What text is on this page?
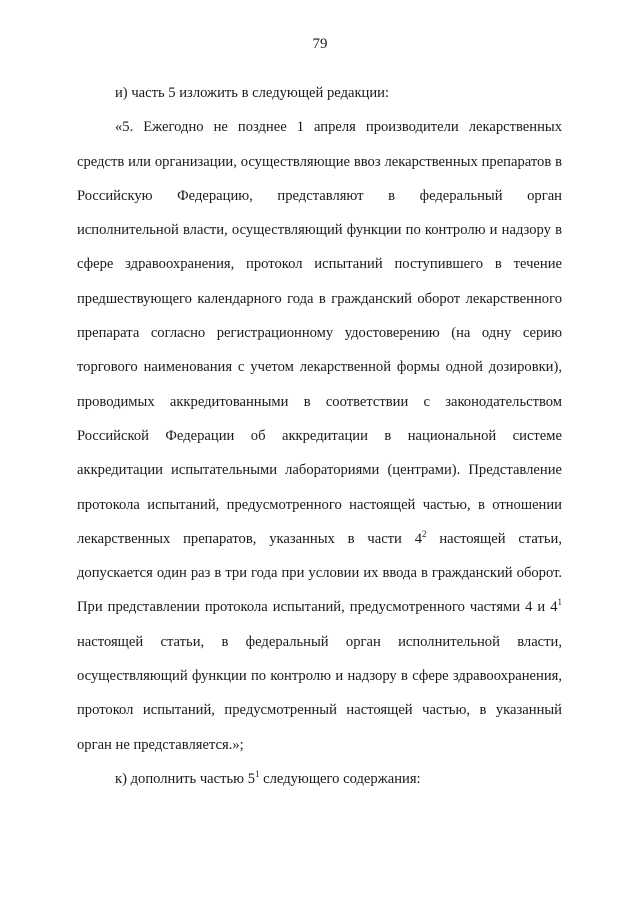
79

и) часть 5 изложить в следующей редакции:

«5. Ежегодно не позднее 1 апреля производители лекарственных средств или организации, осуществляющие ввоз лекарственных препаратов в Российскую Федерацию, представляют в федеральный орган исполнительной власти, осуществляющий функции по контролю и надзору в сфере здравоохранения, протокол испытаний поступившего в течение предшествующего календарного года в гражданский оборот лекарственного препарата согласно регистрационному удостоверению (на одну серию торгового наименования с учетом лекарственной формы одной дозировки), проводимых аккредитованными в соответствии с законодательством Российской Федерации об аккредитации в национальной системе аккредитации испытательными лабораториями (центрами). Представление протокола испытаний, предусмотренного настоящей частью, в отношении лекарственных препаратов, указанных в части $4^2$ настоящей статьи, допускается один раз в три года при условии их ввода в гражданский оборот. При представлении протокола испытаний, предусмотренного частями 4 и $4^1$ настоящей статьи, в федеральный орган исполнительной власти, осуществляющий функции по контролю и надзору в сфере здравоохранения, протокол испытаний, предусмотренный настоящей частью, в указанный орган не представляется.»;

к) дополнить частью $5^1$ следующего содержания:
